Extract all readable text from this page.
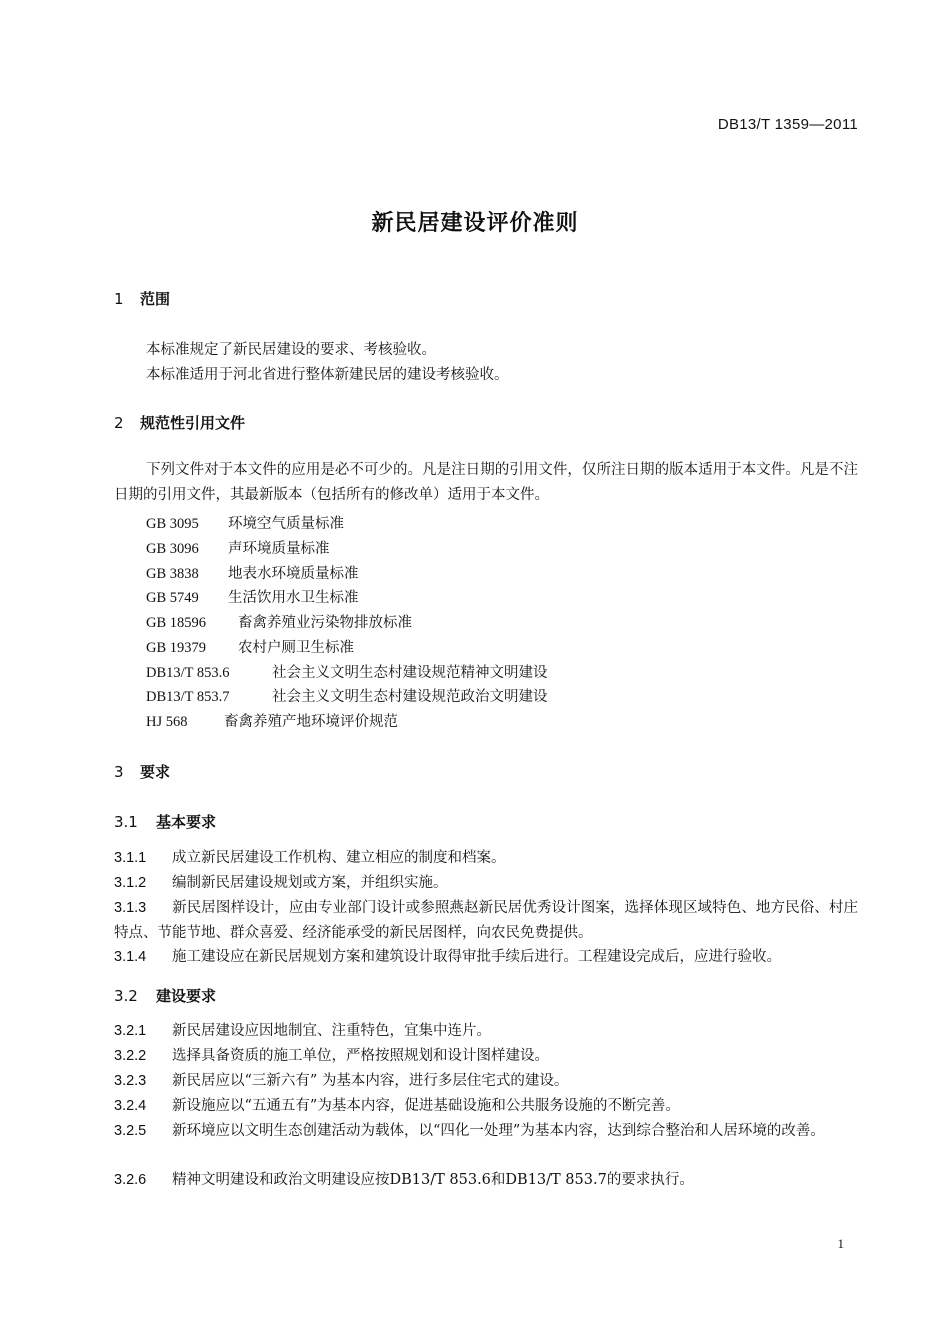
DB13/T 1359—2011
新民居建设评价准则
1 范围
本标准规定了新民居建设的要求、考核验收。
本标准适用于河北省进行整体新建民居的建设考核验收。
2 规范性引用文件
下列文件对于本文件的应用是必不可少的。凡是注日期的引用文件，仅所注日期的版本适用于本文件。凡是不注日期的引用文件，其最新版本（包括所有的修改单）适用于本文件。
GB 3095 环境空气质量标准
GB 3096 声环境质量标准
GB 3838 地表水环境质量标准
GB 5749 生活饮用水卫生标准
GB 18596 畜禽养殖业污染物排放标准
GB 19379 农村户厕卫生标准
DB13/T 853.6	社会主义文明生态村建设规范精神文明建设
DB13/T 853.7	社会主义文明生态村建设规范政治文明建设
HJ 568	畜禽养殖产地环境评价规范
3 要求
3.1 基本要求
3.1.1 成立新民居建设工作机构、建立相应的制度和档案。
3.1.2 编制新民居建设规划或方案，并组织实施。
3.1.3 新民居图样设计，应由专业部门设计或参照燕赵新民居优秀设计图案，选择体现区域特色、地方民俗、村庄特点、节能节地、群众喜爱、经济能承受的新民居图样，向农民免费提供。
3.1.4 施工建设应在新民居规划方案和建筑设计取得审批手续后进行。工程建设完成后，应进行验收。
3.2 建设要求
3.2.1 新民居建设应因地制宜、注重特色，宜集中连片。
3.2.2 选择具备资质的施工单位，严格按照规划和设计图样建设。
3.2.3 新民居应以“三新六有” 为基本内容，进行多层住宅式的建设。
3.2.4 新设施应以“五通五有”为基本内容，促进基础设施和公共服务设施的不断完善。
3.2.5 新环境应以文明生态创建活动为载体，以“四化一处理”为基本内容，达到综合整治和人居环境的改善。
3.2.6 精神文明建设和政治文明建设应按DB13/T 853.6和DB13/T 853.7的要求执行。
1
